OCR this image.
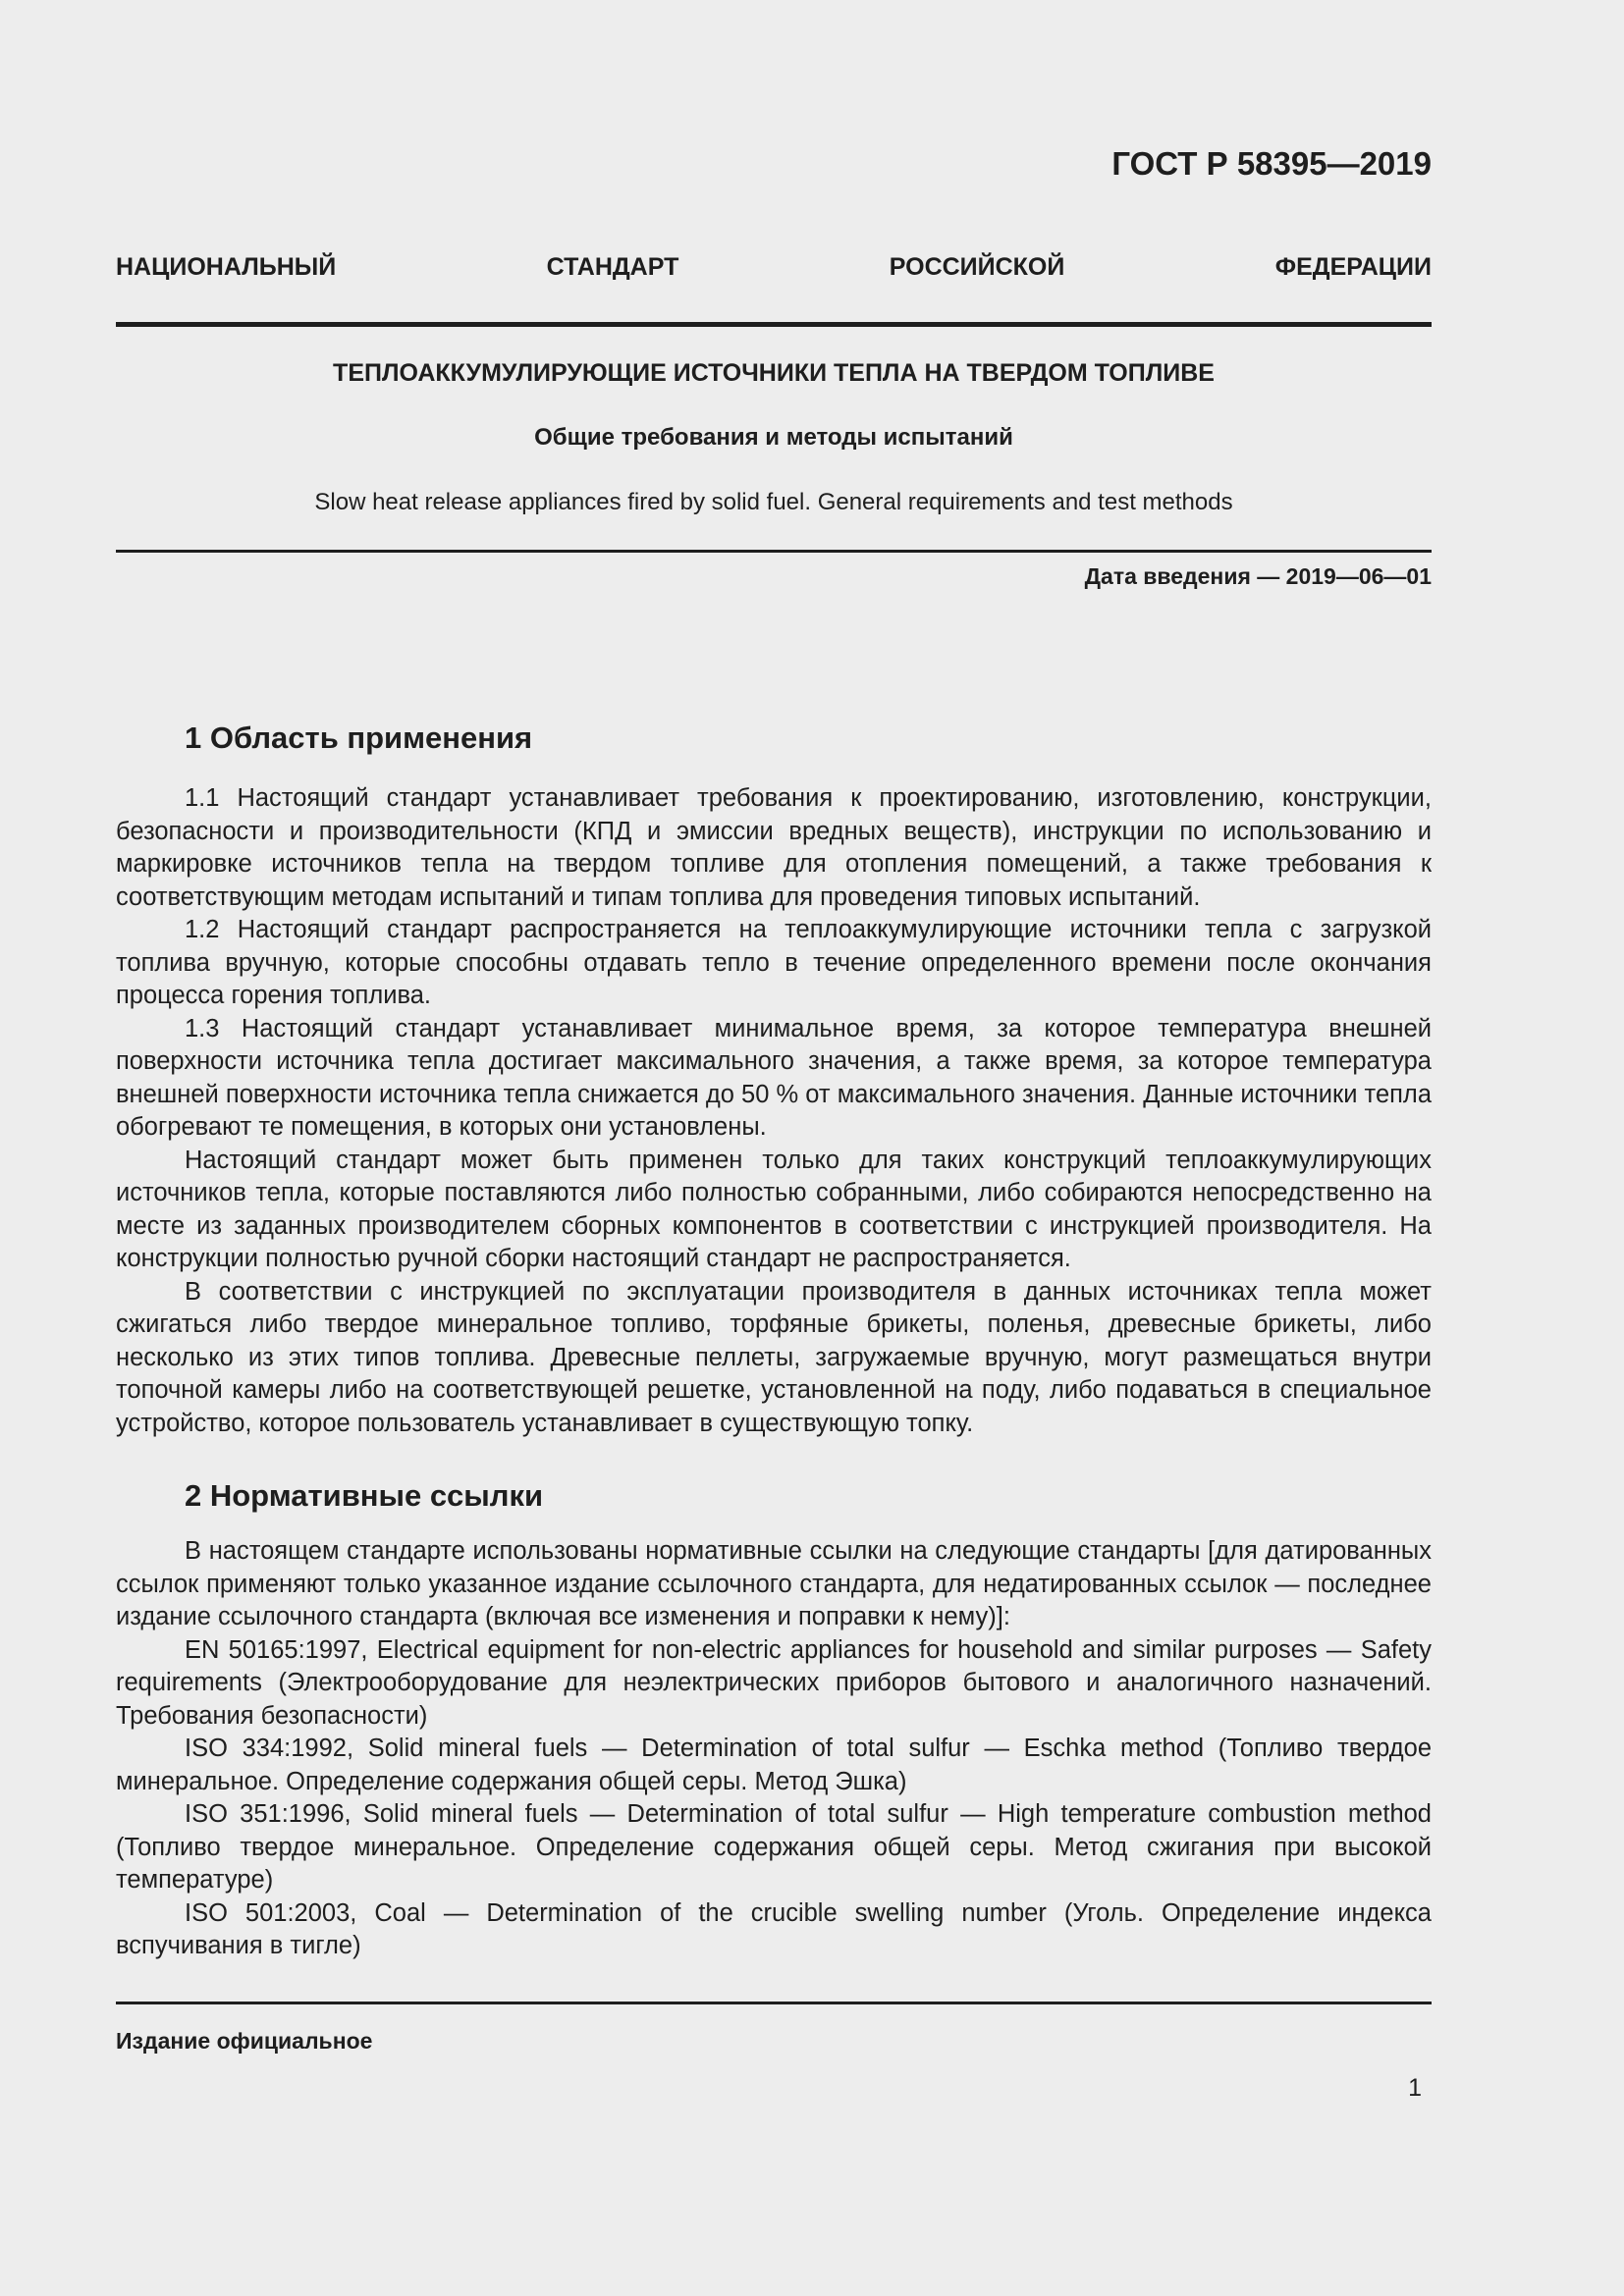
ГОСТ Р 58395—2019
НАЦИОНАЛЬНЫЙ СТАНДАРТ РОССИЙСКОЙ ФЕДЕРАЦИИ
ТЕПЛОАККУМУЛИРУЮЩИЕ ИСТОЧНИКИ ТЕПЛА НА ТВЕРДОМ ТОПЛИВЕ
Общие требования и методы испытаний
Slow heat release appliances fired by solid fuel. General requirements and test methods
Дата введения — 2019—06—01
1 Область применения

1.1 Настоящий стандарт устанавливает требования к проектированию, изготовлению, конструкции, безопасности и производительности (КПД и эмиссии вредных веществ), инструкции по использованию и маркировке источников тепла на твердом топливе для отопления помещений, а также требования к соответствующим методам испытаний и типам топлива для проведения типовых испытаний.

1.2 Настоящий стандарт распространяется на теплоаккумулирующие источники тепла с загрузкой топлива вручную, которые способны отдавать тепло в течение определенного времени после окончания процесса горения топлива.

1.3 Настоящий стандарт устанавливает минимальное время, за которое температура внешней поверхности источника тепла достигает максимального значения, а также время, за которое температура внешней поверхности источника тепла снижается до 50 % от максимального значения. Данные источники тепла обогревают те помещения, в которых они установлены.

Настоящий стандарт может быть применен только для таких конструкций теплоаккумулирующих источников тепла, которые поставляются либо полностью собранными, либо собираются непосредственно на месте из заданных производителем сборных компонентов в соответствии с инструкцией производителя. На конструкции полностью ручной сборки настоящий стандарт не распространяется.

В соответствии с инструкцией по эксплуатации производителя в данных источниках тепла может сжигаться либо твердое минеральное топливо, торфяные брикеты, поленья, древесные брикеты, либо несколько из этих типов топлива. Древесные пеллеты, загружаемые вручную, могут размещаться внутри топочной камеры либо на соответствующей решетке, установленной на поду, либо подаваться в специальное устройство, которое пользователь устанавливает в существующую топку.

2 Нормативные ссылки

В настоящем стандарте использованы нормативные ссылки на следующие стандарты [для датированных ссылок применяют только указанное издание ссылочного стандарта, для недатированных ссылок — последнее издание ссылочного стандарта (включая все изменения и поправки к нему)]:

EN 50165:1997, Electrical equipment for non-electric appliances for household and similar purposes — Safety requirements (Электрооборудование для неэлектрических приборов бытового и аналогичного назначений. Требования безопасности)

ISO 334:1992, Solid mineral fuels — Determination of total sulfur — Eschka method (Топливо твердое минеральное. Определение содержания общей серы. Метод Эшка)

ISO 351:1996, Solid mineral fuels — Determination of total sulfur — High temperature combustion method (Топливо твердое минеральное. Определение содержания общей серы. Метод сжигания при высокой температуре)

ISO 501:2003, Coal — Determination of the crucible swelling number (Уголь. Определение индекса вспучивания в тигле)

Издание официальное
1
